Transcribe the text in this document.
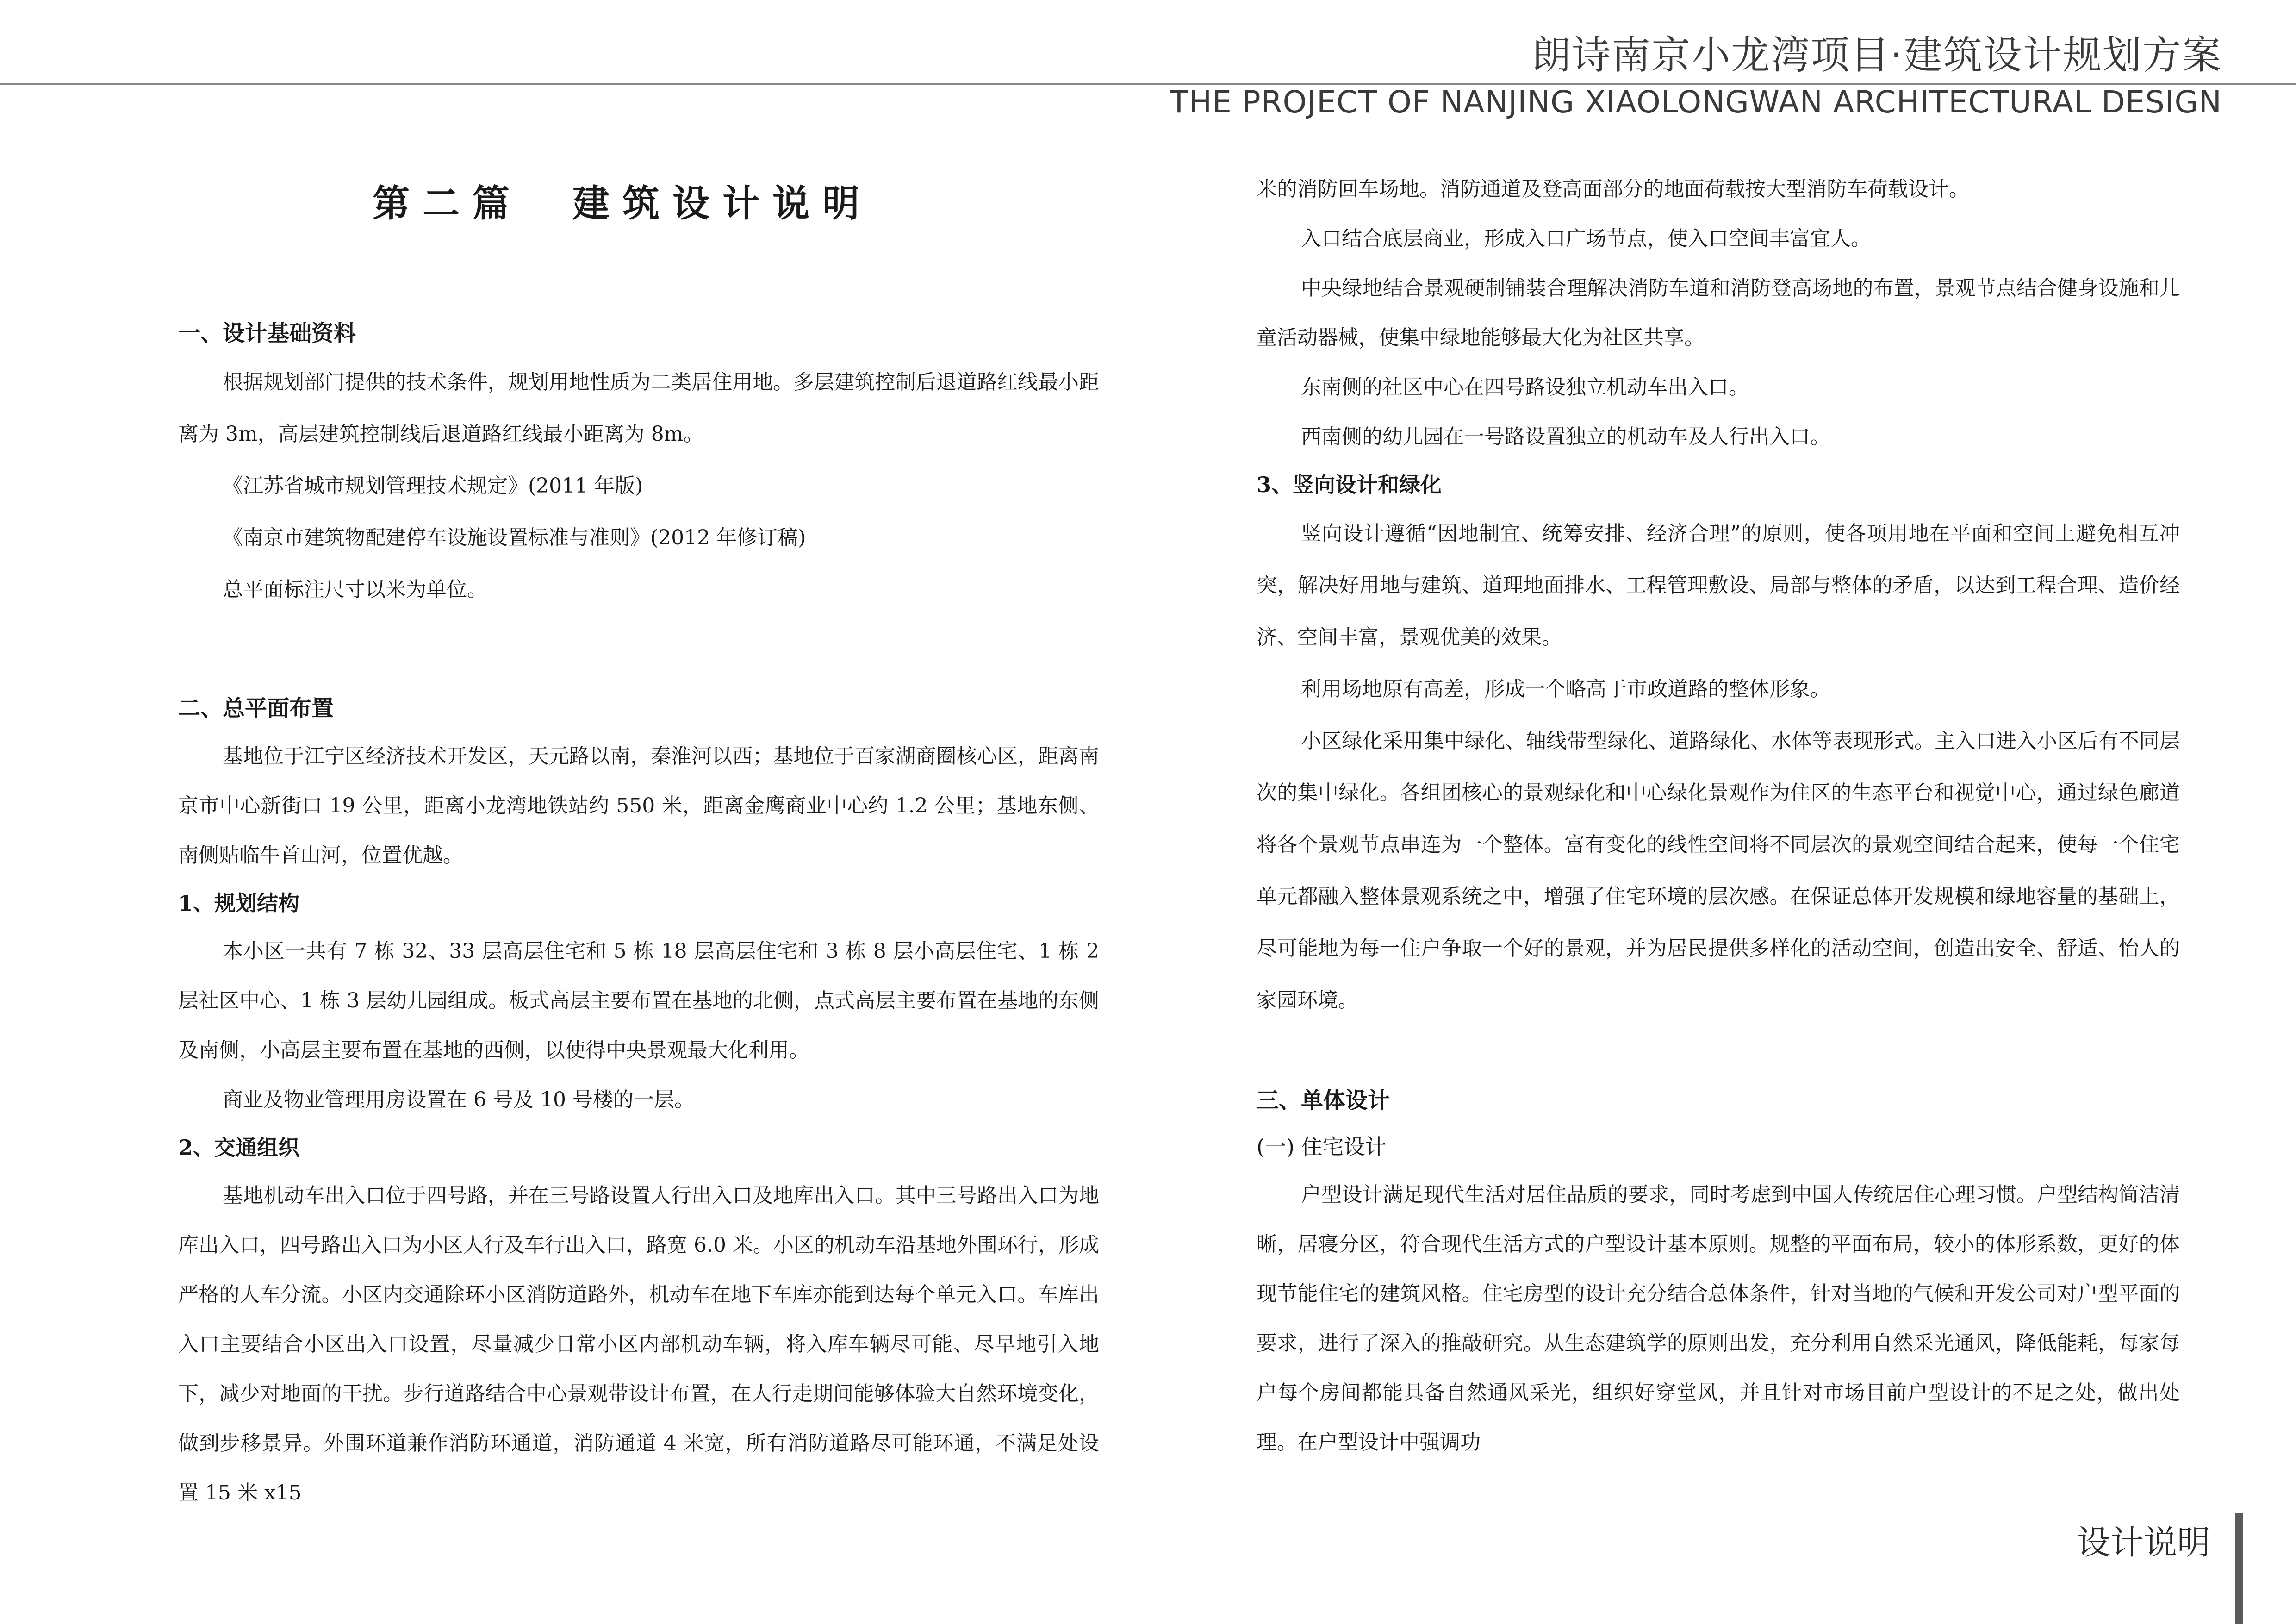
朗诗南京小龙湾项目·建筑设计规划方案
THE PROJECT OF NANJING XIAOLONGWAN ARCHITECTURAL DESIGN
第二篇　建筑设计说明

一、设计基础资料

根据规划部门提供的技术条件，规划用地性质为二类居住用地。多层建筑控制后退道路红线最小距离为 3m，高层建筑控制线后退道路红线最小距离为 8m。

《江苏省城市规划管理技术规定》(2011 年版)

《南京市建筑物配建停车设施设置标准与准则》(2012 年修订稿)

总平面标注尺寸以米为单位。

二、总平面布置

基地位于江宁区经济技术开发区，天元路以南，秦淮河以西；基地位于百家湖商圈核心区，距离南京市中心新街口 19 公里，距离小龙湾地铁站约 550 米，距离金鹰商业中心约 1.2 公里；基地东侧、南侧贴临牛首山河，位置优越。

1、规划结构

本小区一共有 7 栋 32、33 层高层住宅和 5 栋 18 层高层住宅和 3 栋 8 层小高层住宅、1 栋 2 层社区中心、1 栋 3 层幼儿园组成。板式高层主要布置在基地的北侧，点式高层主要布置在基地的东侧及南侧，小高层主要布置在基地的西侧，以使得中央景观最大化利用。

商业及物业管理用房设置在 6 号及 10 号楼的一层。

2、交通组织

基地机动车出入口位于四号路，并在三号路设置人行出入口及地库出入口。其中三号路出入口为地库出入口，四号路出入口为小区人行及车行出入口，路宽 6.0 米。小区的机动车沿基地外围环行，形成严格的人车分流。小区内交通除环小区消防道路外，机动车在地下车库亦能到达每个单元入口。车库出入口主要结合小区出入口设置，尽量减少日常小区内部机动车辆，将入库车辆尽可能、尽早地引入地下，减少对地面的干扰。步行道路结合中心景观带设计布置，在人行走期间能够体验大自然环境变化，做到步移景异。外围环道兼作消防环通道，消防通道 4 米宽，所有消防道路尽可能环通，不满足处设置 15 米 x15

米的消防回车场地。消防通道及登高面部分的地面荷载按大型消防车荷载设计。

入口结合底层商业，形成入口广场节点，使入口空间丰富宜人。

中央绿地结合景观硬制铺装合理解决消防车道和消防登高场地的布置，景观节点结合健身设施和儿童活动器械，使集中绿地能够最大化为社区共享。

东南侧的社区中心在四号路设独立机动车出入口。

西南侧的幼儿园在一号路设置独立的机动车及人行出入口。

3、竖向设计和绿化

竖向设计遵循“因地制宜、统筹安排、经济合理”的原则，使各项用地在平面和空间上避免相互冲突，解决好用地与建筑、道理地面排水、工程管理敷设、局部与整体的矛盾，以达到工程合理、造价经济、空间丰富，景观优美的效果。

利用场地原有高差，形成一个略高于市政道路的整体形象。

小区绿化采用集中绿化、轴线带型绿化、道路绿化、水体等表现形式。主入口进入小区后有不同层次的集中绿化。各组团核心的景观绿化和中心绿化景观作为住区的生态平台和视觉中心，通过绿色廊道将各个景观节点串连为一个整体。富有变化的线性空间将不同层次的景观空间结合起来，使每一个住宅单元都融入整体景观系统之中，增强了住宅环境的层次感。在保证总体开发规模和绿地容量的基础上，尽可能地为每一住户争取一个好的景观，并为居民提供多样化的活动空间，创造出安全、舒适、怡人的家园环境。

三、单体设计

(一) 住宅设计

户型设计满足现代生活对居住品质的要求，同时考虑到中国人传统居住心理习惯。户型结构简洁清晰，居寝分区，符合现代生活方式的户型设计基本原则。规整的平面布局，较小的体形系数，更好的体现节能住宅的建筑风格。住宅房型的设计充分结合总体条件，针对当地的气候和开发公司对户型平面的要求，进行了深入的推敲研究。从生态建筑学的原则出发，充分利用自然采光通风，降低能耗，每家每户每个房间都能具备自然通风采光，组织好穿堂风，并且针对市场目前户型设计的不足之处，做出处理。在户型设计中强调功

设计说明
